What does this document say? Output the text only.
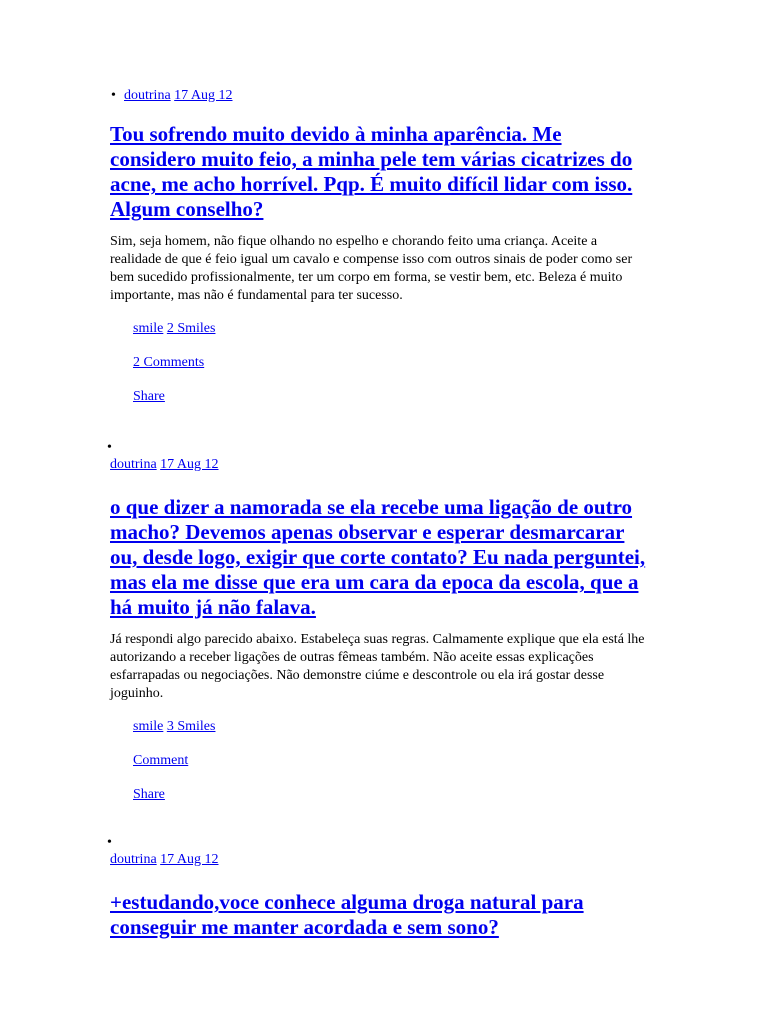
• doutrina 17 Aug 12
Tou sofrendo muito devido à minha aparência. Me considero muito feio, a minha pele tem várias cicatrizes do acne, me acho horrível. Pqp. É muito difícil lidar com isso. Algum conselho?

Sim, seja homem, não fique olhando no espelho e chorando feito uma criança. Aceite a realidade de que é feio igual um cavalo e compense isso com outros sinais de poder como ser bem sucedido profissionalmente, ter um corpo em forma, se vestir bem, etc. Beleza é muito importante, mas não é fundamental para ter sucesso.

smile 2 Smiles
2 Comments
Share
•
doutrina 17 Aug 12
o que dizer a namorada se ela recebe uma ligação de outro macho? Devemos apenas observar e esperar desmarcarar ou, desde logo, exigir que corte contato? Eu nada perguntei, mas ela me disse que era um cara da epoca da escola, que a há muito já não falava.

Já respondi algo parecido abaixo. Estabeleça suas regras. Calmamente explique que ela está lhe autorizando a receber ligações de outras fêmeas também. Não aceite essas explicações esfarrapadas ou negociações. Não demonstre ciúme e descontrole ou ela irá gostar desse joguinho.

smile 3 Smiles
Comment
Share
•
doutrina 17 Aug 12
+estudando,voce conhece alguma droga natural para conseguir me manter acordada e sem sono?
